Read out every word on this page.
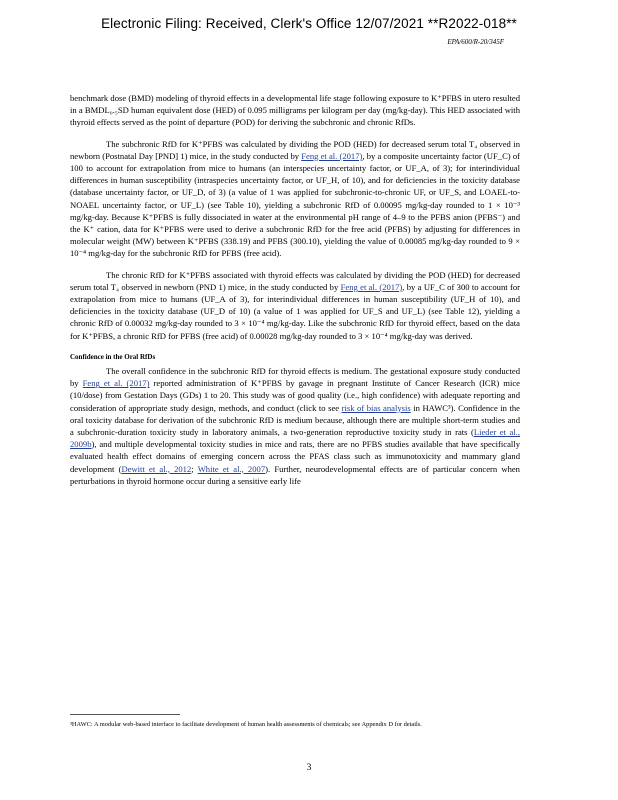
Electronic Filing: Received, Clerk's Office 12/07/2021 **R2022-018**
EPA/600/R-20/345F

benchmark dose (BMD) modeling of thyroid effects in a developmental life stage following exposure to K⁺PFBS in utero resulted in a BMDL₀.₅SD human equivalent dose (HED) of 0.095 milligrams per kilogram per day (mg/kg-day). This HED associated with thyroid effects served as the point of departure (POD) for deriving the subchronic and chronic RfDs.

The subchronic RfD for K⁺PFBS was calculated by dividing the POD (HED) for decreased serum total T₄ observed in newborn (Postnatal Day [PND] 1) mice, in the study conducted by Feng et al. (2017), by a composite uncertainty factor (UF_C) of 100 to account for extrapolation from mice to humans (an interspecies uncertainty factor, or UF_A, of 3); for interindividual differences in human susceptibility (intraspecies uncertainty factor, or UF_H, of 10), and for deficiencies in the toxicity database (database uncertainty factor, or UF_D, of 3) (a value of 1 was applied for subchronic-to-chronic UF, or UF_S, and LOAEL-to-NOAEL uncertainty factor, or UF_L) (see Table 10), yielding a subchronic RfD of 0.00095 mg/kg-day rounded to 1 × 10⁻³ mg/kg-day. Because K⁺PFBS is fully dissociated in water at the environmental pH range of 4–9 to the PFBS anion (PFBS⁻) and the K⁺ cation, data for K⁺PFBS were used to derive a subchronic RfD for the free acid (PFBS) by adjusting for differences in molecular weight (MW) between K⁺PFBS (338.19) and PFBS (300.10), yielding the value of 0.00085 mg/kg-day rounded to 9 × 10⁻⁴ mg/kg-day for the subchronic RfD for PFBS (free acid).

The chronic RfD for K⁺PFBS associated with thyroid effects was calculated by dividing the POD (HED) for decreased serum total T₄ observed in newborn (PND 1) mice, in the study conducted by Feng et al. (2017), by a UF_C of 300 to account for extrapolation from mice to humans (UF_A of 3), for interindividual differences in human susceptibility (UF_H of 10), and deficiencies in the toxicity database (UF_D of 10) (a value of 1 was applied for UF_S and UF_L) (see Table 12), yielding a chronic RfD of 0.00032 mg/kg-day rounded to 3 × 10⁻⁴ mg/kg-day. Like the subchronic RfD for thyroid effect, based on the data for K⁺PFBS, a chronic RfD for PFBS (free acid) of 0.00028 mg/kg-day rounded to 3 × 10⁻⁴ mg/kg-day was derived.

Confidence in the Oral RfDs

The overall confidence in the subchronic RfD for thyroid effects is medium. The gestational exposure study conducted by Feng et al. (2017) reported administration of K⁺PFBS by gavage in pregnant Institute of Cancer Research (ICR) mice (10/dose) from Gestation Days (GDs) 1 to 20. This study was of good quality (i.e., high confidence) with adequate reporting and consideration of appropriate study design, methods, and conduct (click to see risk of bias analysis in HAWC³). Confidence in the oral toxicity database for derivation of the subchronic RfD is medium because, although there are multiple short-term studies and a subchronic-duration toxicity study in laboratory animals, a two-generation reproductive toxicity study in rats (Lieder et al., 2009b), and multiple developmental toxicity studies in mice and rats, there are no PFBS studies available that have specifically evaluated health effect domains of emerging concern across the PFAS class such as immunotoxicity and mammary gland development (Dewitt et al., 2012; White et al., 2007). Further, neurodevelopmental effects are of particular concern when perturbations in thyroid hormone occur during a sensitive early life

³HAWC: A modular web-based interface to facilitate development of human health assessments of chemicals; see Appendix D for details.
3
